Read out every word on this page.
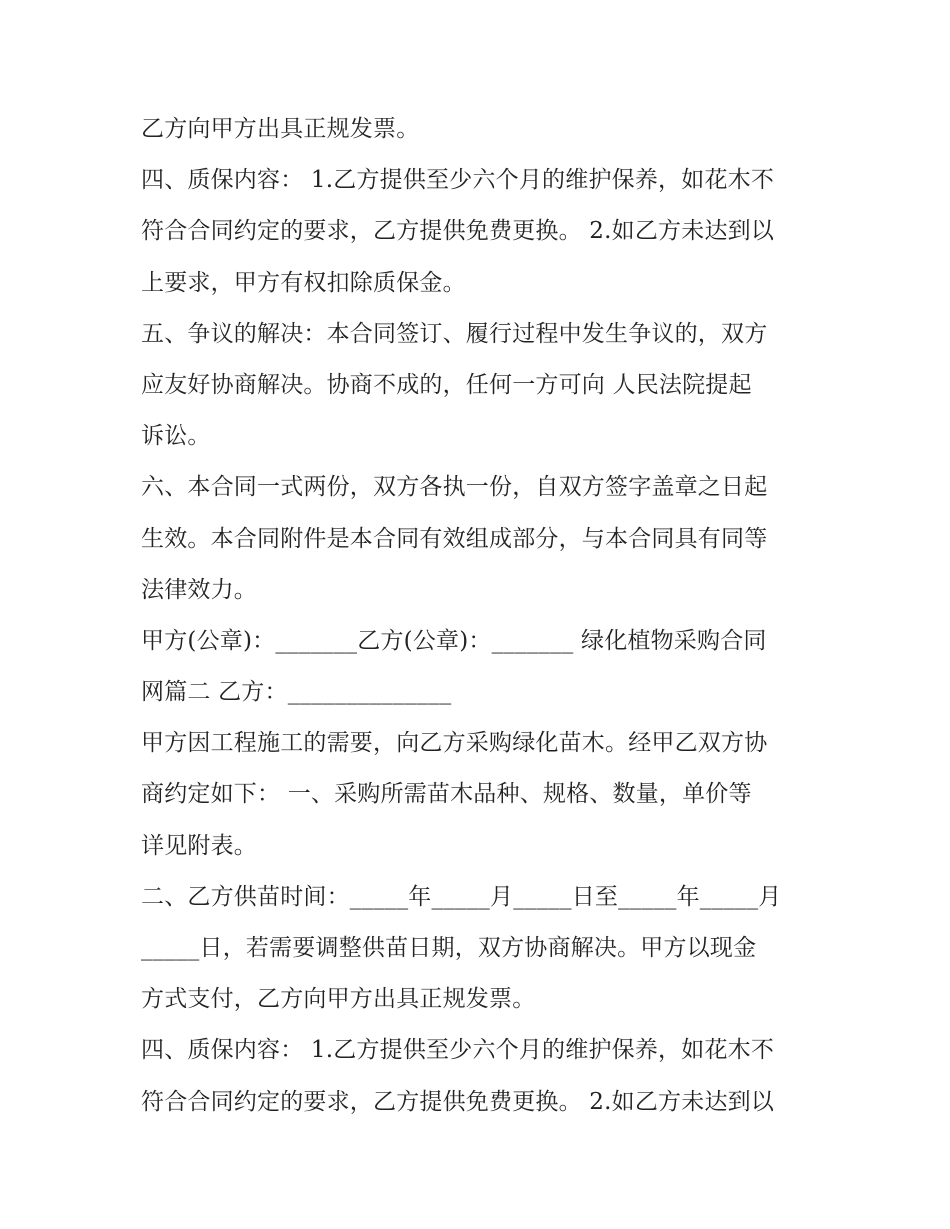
乙方向甲方出具正规发票。
四、质保内容： 1.乙方提供至少六个月的维护保养，如花木不
符合合同约定的要求，乙方提供免费更换。 2.如乙方未达到以
上要求，甲方有权扣除质保金。
五、争议的解决：本合同签订、履行过程中发生争议的，双方
应友好协商解决。协商不成的，任何一方可向 人民法院提起
诉讼。
六、本合同一式两份，双方各执一份，自双方签字盖章之日起
生效。本合同附件是本合同有效组成部分，与本合同具有同等
法律效力。
甲方(公章)：_______乙方(公章)：_______ 绿化植物采购合同
网篇二 乙方：______________
甲方因工程施工的需要，向乙方采购绿化苗木。经甲乙双方协
商约定如下： 一、采购所需苗木品种、规格、数量，单价等
详见附表。
二、乙方供苗时间：_____年_____月_____日至_____年_____月
_____日，若需要调整供苗日期，双方协商解决。甲方以现金
方式支付，乙方向甲方出具正规发票。
四、质保内容： 1.乙方提供至少六个月的维护保养，如花木不
符合合同约定的要求，乙方提供免费更换。 2.如乙方未达到以
